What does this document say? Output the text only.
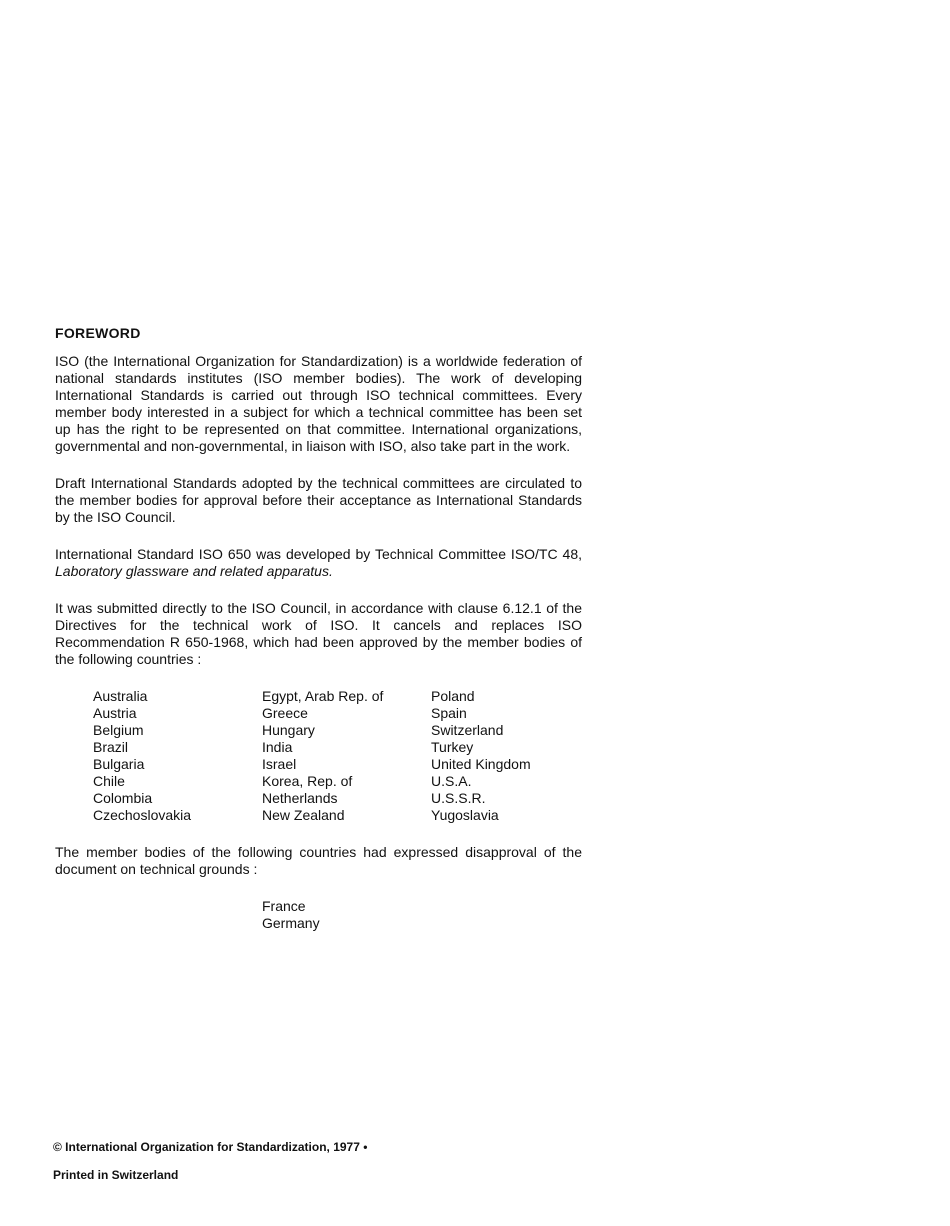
FOREWORD

ISO (the International Organization for Standardization) is a worldwide federation of national standards institutes (ISO member bodies). The work of developing International Standards is carried out through ISO technical committees. Every member body interested in a subject for which a technical committee has been set up has the right to be represented on that committee. International organizations, governmental and non-governmental, in liaison with ISO, also take part in the work.

Draft International Standards adopted by the technical committees are circulated to the member bodies for approval before their acceptance as International Standards by the ISO Council.

International Standard ISO 650 was developed by Technical Committee ISO/TC 48, Laboratory glassware and related apparatus.

It was submitted directly to the ISO Council, in accordance with clause 6.12.1 of the Directives for the technical work of ISO. It cancels and replaces ISO Recommendation R 650-1968, which had been approved by the member bodies of the following countries :

Australia
Austria
Belgium
Brazil
Bulgaria
Chile
Colombia
Czechoslovakia
Egypt, Arab Rep. of
Greece
Hungary
India
Israel
Korea, Rep. of
Netherlands
New Zealand
Poland
Spain
Switzerland
Turkey
United Kingdom
U.S.A.
U.S.S.R.
Yugoslavia

The member bodies of the following countries had expressed disapproval of the document on technical grounds :

France
Germany
© International Organization for Standardization, 1977 •
Printed in Switzerland
